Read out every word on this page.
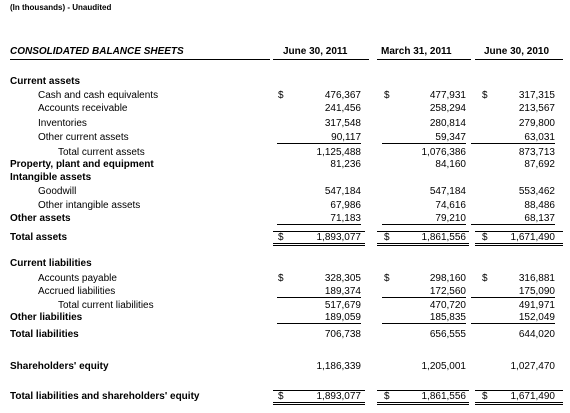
(In thousands) - Unaudited
CONSOLIDATED BALANCE SHEETS	June 30, 2011	March 31, 2011	June 30, 2010
Current assets
Cash and cash equivalents	$	476,367 $	477,931 $	317,315
Accounts receivable	241,456	258,294	213,567
Inventories	317,548	280,814	279,800
Other current assets	90,117	59,347	63,031
Total current assets	1,125,488	1,076,386	873,713
Property, plant and equipment	81,236	84,160	87,692
Intangible assets
Goodwill	547,184	547,184	553,462
Other intangible assets	67,986	74,616	88,486
Other assets	71,183	79,210	68,137
Total assets	$	1,893,077 $	1,861,556 $	1,671,490
Current liabilities
Accounts payable	$	328,305 $	298,160 $	316,881
Accrued liabilities	189,374	172,560	175,090
Total current liabilities	517,679	470,720	491,971
Other liabilities	189,059	185,835	152,049
Total liabilities	706,738	656,555	644,020
Shareholders' equity	1,186,339	1,205,001	1,027,470
Total liabilities and shareholders' equity	$	1,893,077 $	1,861,556 $	1,671,490
